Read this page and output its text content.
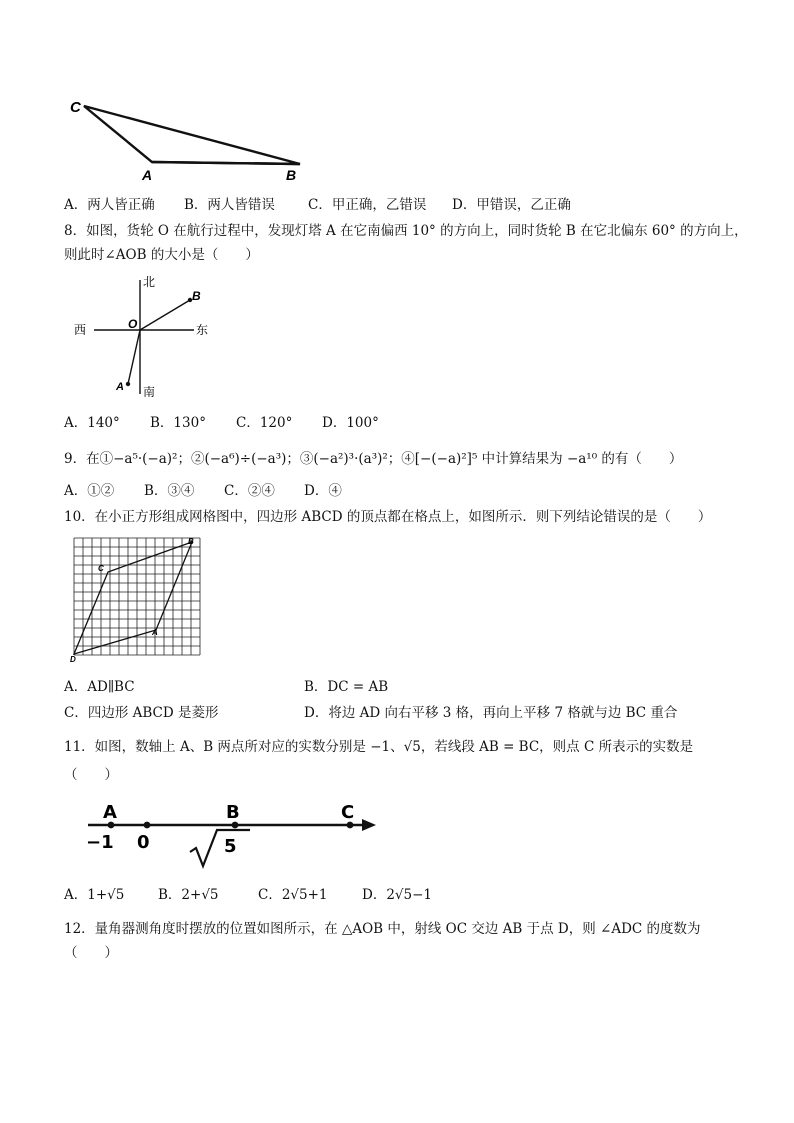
C
A	B
A．两人皆正确 B．两人皆错误 C．甲正确，乙错误 D．甲错误，乙正确
8．如图，货轮 O 在航行过程中，发现灯塔 A 在它南偏西 10° 的方向上，同时货轮 B 在它北偏东 60° 的方向上，
则此时∠AOB 的大小是（　　）
北
南
西	东
O
B
A
A．140° B．130° C．120° D．100°
9．在①−a⁵·(−a)²；②(−a⁶)÷(−a³)；③(−a²)³·(a³)²；④[−(−a)²]⁵ 中计算结果为 −a¹⁰ 的有（　　）
A．①② B．③④ C．②④ D．④
10．在小正方形组成网格图中，四边形 ABCD 的顶点都在格点上，如图所示．则下列结论错误的是（　　）
A
B
C
D
A．AD∥BC	B．DC = AB
C．四边形 ABCD 是菱形	D．将边 AD 向右平移 3 格，再向上平移 7 格就与边 BC 重合
11．如图，数轴上 A、B 两点所对应的实数分别是 −1、√5，若线段 AB = BC，则点 C 所表示的实数是
（　　）
A	B	C
−1 0	5
A．1+√5 B．2+√5	C．2√5+1	D．2√5−1
12．量角器测角度时摆放的位置如图所示，在 △AOB 中，射线 OC 交边 AB 于点 D，则 ∠ADC 的度数为
（　　）
